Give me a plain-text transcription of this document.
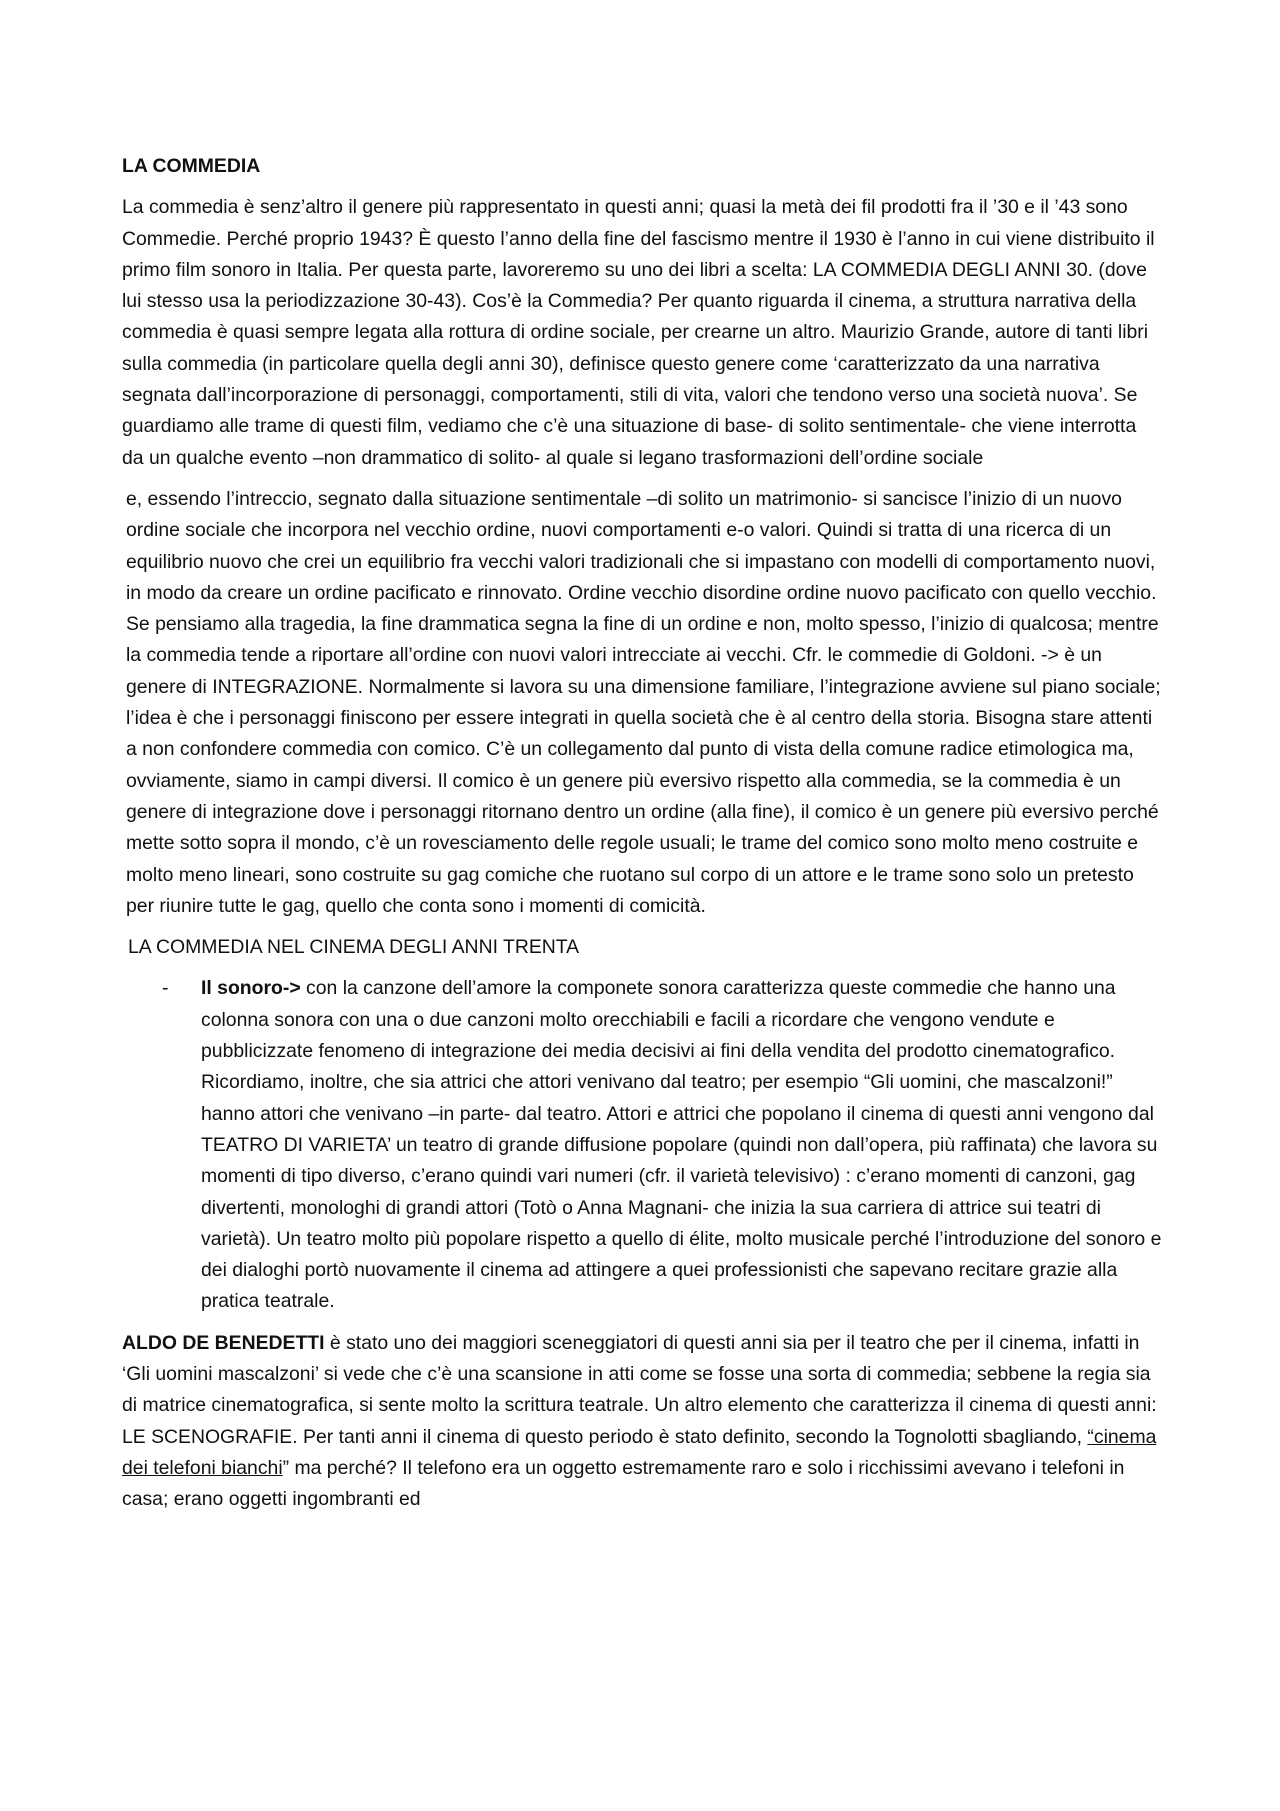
LA COMMEDIA

La commedia è senz’altro il genere più rappresentato in questi anni; quasi la metà dei fil prodotti fra il ’30 e il ’43 sono Commedie. Perché proprio 1943? È questo l’anno della fine del fascismo mentre il 1930 è l’anno in cui viene distribuito il primo film sonoro in Italia. Per questa parte, lavoreremo su uno dei libri a scelta: LA COMMEDIA DEGLI ANNI 30. (dove lui stesso usa la periodizzazione 30-43). Cos’è la Commedia? Per quanto riguarda il cinema, a struttura narrativa della commedia è quasi sempre legata alla rottura di ordine sociale, per crearne un altro. Maurizio Grande, autore di tanti libri sulla commedia (in particolare quella degli anni 30), definisce questo genere come ‘caratterizzato da una narrativa segnata dall’incorporazione di personaggi, comportamenti, stili di vita, valori che tendono verso una società nuova’. Se guardiamo alle trame di questi film, vediamo che c’è una situazione di base- di solito sentimentale- che viene interrotta da un qualche evento –non drammatico di solito- al quale si legano trasformazioni dell’ordine sociale

e, essendo l’intreccio, segnato dalla situazione sentimentale –di solito un matrimonio- si sancisce l’inizio di un nuovo ordine sociale che incorpora nel vecchio ordine, nuovi comportamenti e-o valori. Quindi si tratta di una ricerca di un equilibrio nuovo che crei un equilibrio fra vecchi valori tradizionali che si impastano con modelli di comportamento nuovi, in modo da creare un ordine pacificato e rinnovato. Ordine vecchio disordine ordine nuovo pacificato con quello vecchio. Se pensiamo alla tragedia, la fine drammatica segna la fine di un ordine e non, molto spesso, l’inizio di qualcosa; mentre la commedia tende a riportare all’ordine con nuovi valori intrecciate ai vecchi. Cfr. le commedie di Goldoni. -> è un genere di INTEGRAZIONE. Normalmente si lavora su una dimensione familiare, l’integrazione avviene sul piano sociale; l’idea è che i personaggi finiscono per essere integrati in quella società che è al centro della storia. Bisogna stare attenti a non confondere commedia con comico. C’è un collegamento dal punto di vista della comune radice etimologica ma, ovviamente, siamo in campi diversi. Il comico è un genere più eversivo rispetto alla commedia, se la commedia è un genere di integrazione dove i personaggi ritornano dentro un ordine (alla fine), il comico è un genere più eversivo perché mette sotto sopra il mondo, c’è un rovesciamento delle regole usuali; le trame del comico sono molto meno costruite e molto meno lineari, sono costruite su gag comiche che ruotano sul corpo di un attore e le trame sono solo un pretesto per riunire tutte le gag, quello che conta sono i momenti di comicità.

LA COMMEDIA NEL CINEMA DEGLI ANNI TRENTA
- Il sonoro-> con la canzone dell’amore la componete sonora caratterizza queste commedie che hanno una colonna sonora con una o due canzoni molto orecchiabili e facili a ricordare che vengono vendute e pubblicizzate fenomeno di integrazione dei media decisivi ai fini della vendita del prodotto cinematografico. Ricordiamo, inoltre, che sia attrici che attori venivano dal teatro; per esempio “Gli uomini, che mascalzoni!” hanno attori che venivano –in parte- dal teatro. Attori e attrici che popolano il cinema di questi anni vengono dal TEATRO DI VARIETA’ un teatro di grande diffusione popolare (quindi non dall’opera, più raffinata) che lavora su momenti di tipo diverso, c’erano quindi vari numeri (cfr. il varietà televisivo) : c’erano momenti di canzoni, gag divertenti, monologhi di grandi attori (Totò o Anna Magnani- che inizia la sua carriera di attrice sui teatri di varietà). Un teatro molto più popolare rispetto a quello di élite, molto musicale perché l’introduzione del sonoro e dei dialoghi portò nuovamente il cinema ad attingere a quei professionisti che sapevano recitare grazie alla pratica teatrale.

ALDO DE BENEDETTI è stato uno dei maggiori sceneggiatori di questi anni sia per il teatro che per il cinema, infatti in ‘Gli uomini mascalzoni’ si vede che c’è una scansione in atti come se fosse una sorta di commedia; sebbene la regia sia di matrice cinematografica, si sente molto la scrittura teatrale. Un altro elemento che caratterizza il cinema di questi anni: LE SCENOGRAFIE. Per tanti anni il cinema di questo periodo è stato definito, secondo la Tognolotti sbagliando, “cinema dei telefoni bianchi” ma perché? Il telefono era un oggetto estremamente raro e solo i ricchissimi avevano i telefoni in casa; erano oggetti ingombranti ed
